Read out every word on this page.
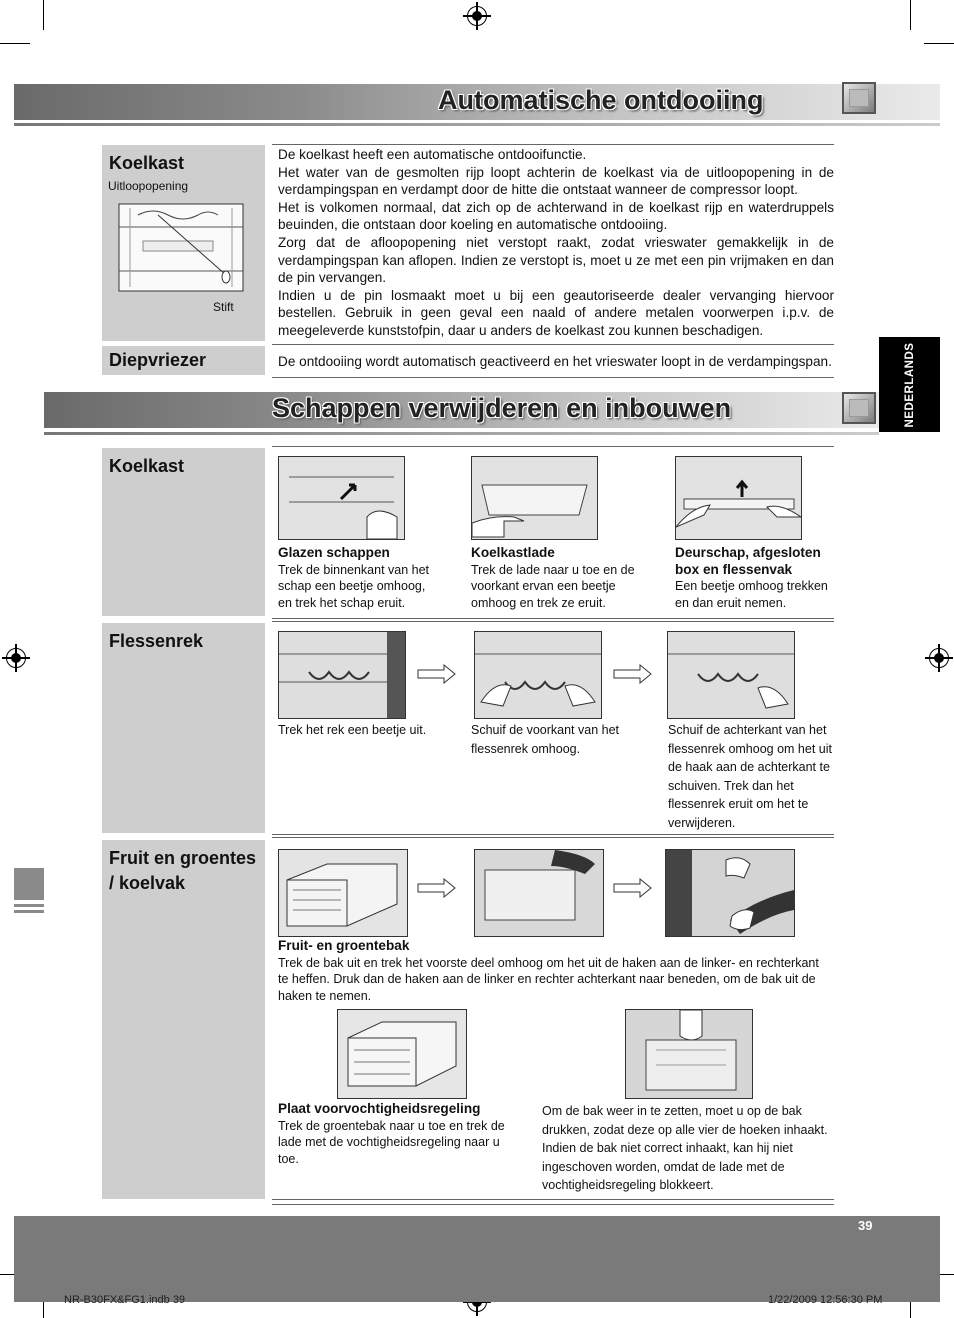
Automatische ontdooiing
Koelkast
Uitloopopening
Stift
De koelkast heeft een automatische ontdooifunctie.
Het water van de gesmolten rijp loopt achterin de koelkast via de uitloopopening in de verdampingspan en verdampt door de hitte die ontstaat wanneer de compressor loopt.
Het is volkomen normaal, dat zich op de achterwand in de koelkast rijp en waterdruppels beuinden, die ontstaan door koeling en automatische ontdooiing.
Zorg dat de afloopopening niet verstopt raakt, zodat vrieswater gemakkelijk in de verdampingspan kan aflopen. Indien ze verstopt is, moet u ze met een pin vrijmaken en dan de pin vervangen.
Indien u de pin losmaakt moet u bij een geautoriseerde dealer vervanging hiervoor bestellen. Gebruik in geen geval een naald of andere metalen voorwerpen i.p.v. de meegeleverde kunststofpin, daar u anders de koelkast zou kunnen beschadigen.
Diepvriezer	De ontdooiing wordt automatisch geactiveerd en het vrieswater loopt in de verdampingspan.	NEDERLANDS
Schappen verwijderen en inbouwen
Koelkast
Glazen schappen
Trek de binnenkant van het schap een beetje omhoog, en trek het schap eruit.
Koelkastlade
Trek de lade naar u toe en de voorkant ervan een beetje omhoog en trek ze eruit.
Deurschap, afgesloten box en flessenvak
Een beetje omhoog trekken en dan eruit nemen.
Flessenrek
Trek het rek een beetje uit.	Schuif de voorkant van het flessenrek omhoog.
Schuif de achterkant van het flessenrek omhoog om het uit de haak aan de achterkant te schuiven. Trek dan het flessenrek eruit om het te verwijderen.
Fruit en groentes / koelvak
Fruit- en groentebak
Trek de bak uit en trek het voorste deel omhoog om het uit de haken aan de linker- en rechterkant te heffen. Druk dan de haken aan de linker en rechter achterkant naar beneden, om de bak uit de haken te nemen.
Plaat voorvochtigheidsregeling
Trek de groentebak naar u toe en trek de lade met de vochtigheidsregeling naar u toe.
Om de bak weer in te zetten, moet u op de bak drukken, zodat deze op alle vier de hoeken inhaakt. Indien de bak niet correct inhaakt, kan hij niet ingeschoven worden, omdat de lade met de vochtigheidsregeling blokkeert.
39
NR-B30FX&FG1.indb 39	1/22/2009 12:56:30 PM
